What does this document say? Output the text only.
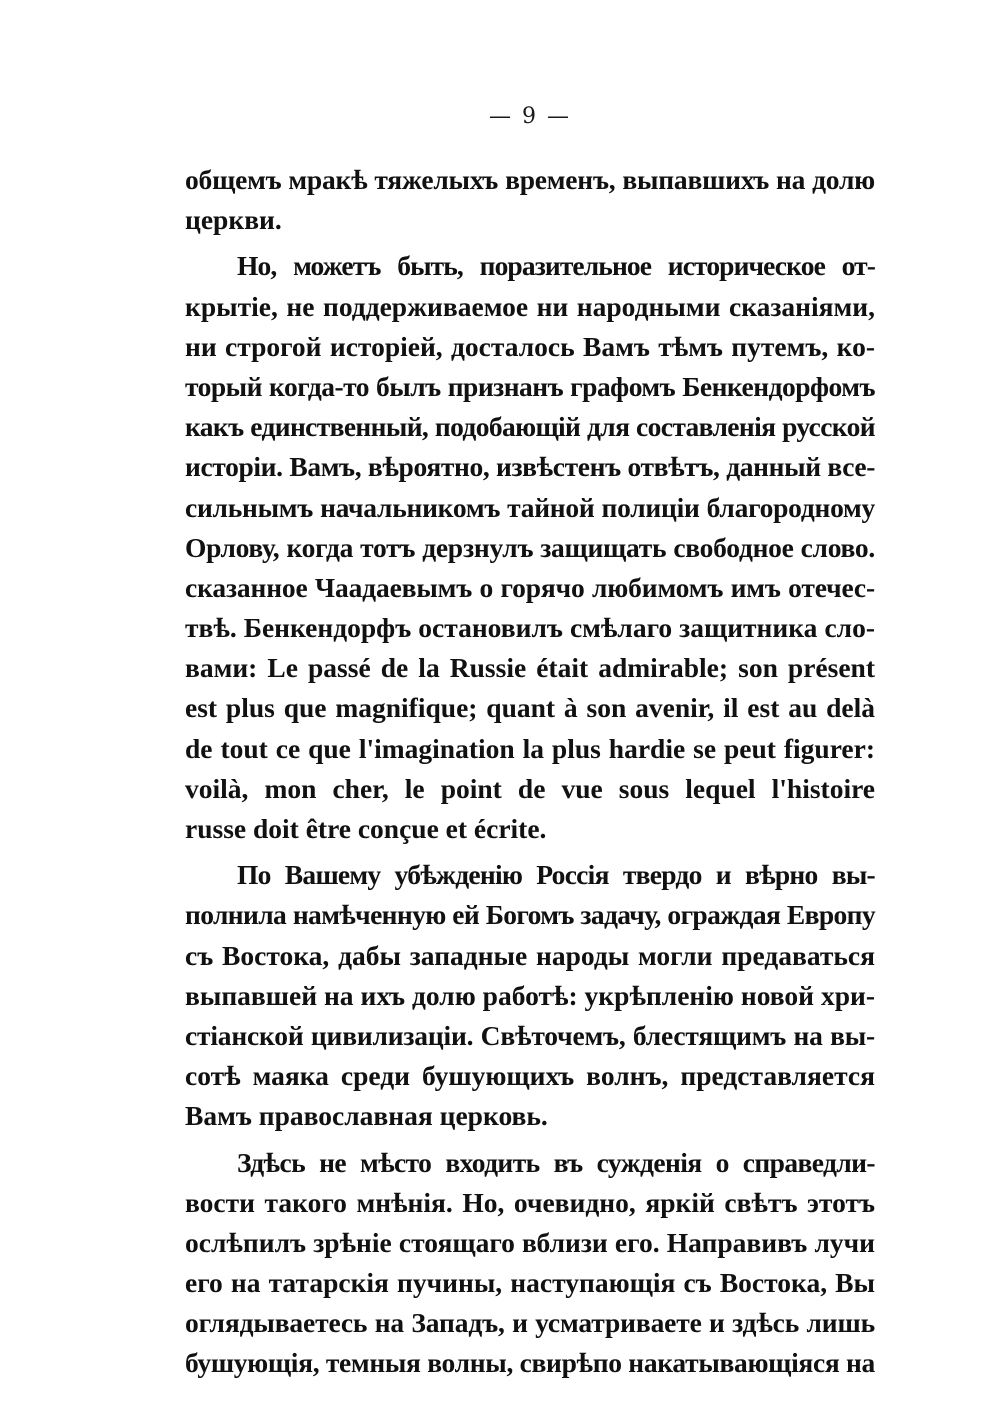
— 9 —
общемъ мракѣ тяжелыхъ временъ, выпавшихъ на долю
церкви.
Но, можетъ быть, поразительное историческое от-
крытіе, не поддерживаемое ни народными сказаніями,
ни строгой исторіей, досталось Вамъ тѣмъ путемъ, ко-
торый когда-то былъ признанъ графомъ Бенкендорфомъ
какъ единственный, подобающій для составленія русской
исторіи. Вамъ, вѣроятно, извѣстенъ отвѣтъ, данный все-
сильнымъ начальникомъ тайной полиціи благородному
Орлову, когда тотъ дерзнулъ защищать свободное слово.
сказанное Чаадаевымъ о горячо любимомъ имъ отечес-
твѣ. Бенкендорфъ остановилъ смѣлаго защитника сло-
вами: Le passé de la Russie était admirable; son présent
est plus que magnifique; quant à son avenir, il est au delà
de tout ce que l'imagination la plus hardie se peut figurer:
voilà, mon cher, le point de vue sous lequel l'histoire
russe doit être conçue et écrite.
По Вашему убѣжденію Россія твердо и вѣрно вы-
полнила намѣченную ей Богомъ задачу, ограждая Европу
съ Востока, дабы западные народы могли предаваться
выпавшей на ихъ долю работѣ: укрѣпленію новой хри-
стіанской цивилизаціи. Свѣточемъ, блестящимъ на вы-
сотѣ маяка среди бушующихъ волнъ, представляется
Вамъ православная церковь.
Здѣсь не мѣсто входить въ сужденія о справедли-
вости такого мнѣнія. Но, очевидно, яркій свѣтъ этотъ
ослѣпилъ зрѣніе стоящаго вблизи его. Направивъ лучи
его на татарскія пучины, наступающія съ Востока, Вы
оглядываетесь на Западъ, и усматриваете и здѣсь лишь
бушующія, темныя волны, свирѣпо накатывающіяся на
